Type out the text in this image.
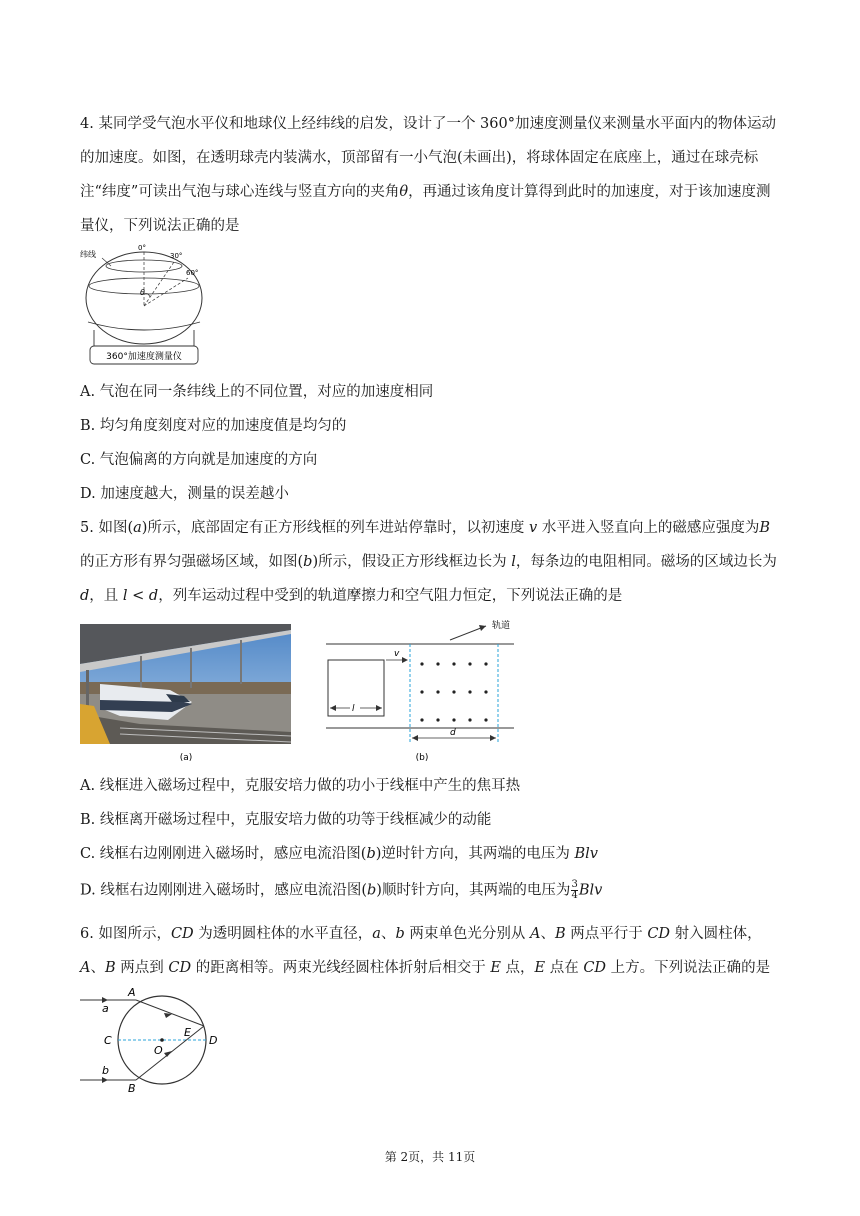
4. 某同学受气泡水平仪和地球仪上经纬线的启发，设计了一个 360°加速度测量仪来测量水平面内的物体运动的加速度。如图，在透明球壳内装满水，顶部留有一小气泡(未画出)，将球体固定在底座上，通过在球壳标注“纬度”可读出气泡与球心连线与竖直方向的夹角θ，再通过该角度计算得到此时的加速度，对于该加速度测量仪，下列说法正确的是

纬线
0°
30°
60°
θ
360°加速度测量仪

A. 气泡在同一条纬线上的不同位置，对应的加速度相同

B. 均匀角度刻度对应的加速度值是均匀的

C. 气泡偏离的方向就是加速度的方向

D. 加速度越大，测量的误差越小

5. 如图(a)所示，底部固定有正方形线框的列车进站停靠时，以初速度 v 水平进入竖直向上的磁感应强度为B 的正方形有界匀强磁场区域，如图(b)所示，假设正方形线框边长为 l，每条边的电阻相同。磁场的区域边长为 d，且 l < d，列车运动过程中受到的轨道摩擦力和空气阻力恒定，下列说法正确的是

(a)
轨道
v
l
d
(b)

A. 线框进入磁场过程中，克服安培力做的功小于线框中产生的焦耳热

B. 线框离开磁场过程中，克服安培力做的功等于线框减少的动能

C. 线框右边刚刚进入磁场时，感应电流沿图(b)逆时针方向，其两端的电压为 Blv

D. 线框右边刚刚进入磁场时，感应电流沿图(b)顺时针方向，其两端的电压为 $\frac{3}{4}$ Blv

6. 如图所示，CD 为透明圆柱体的水平直径，a、b 两束单色光分别从 A、B 两点平行于 CD 射入圆柱体，A、B 两点到 CD 的距离相等。两束光线经圆柱体折射后相交于 E 点，E 点在 CD 上方。下列说法正确的是

A
B
C	D
E
O
a
b
第 2页，共 11页
